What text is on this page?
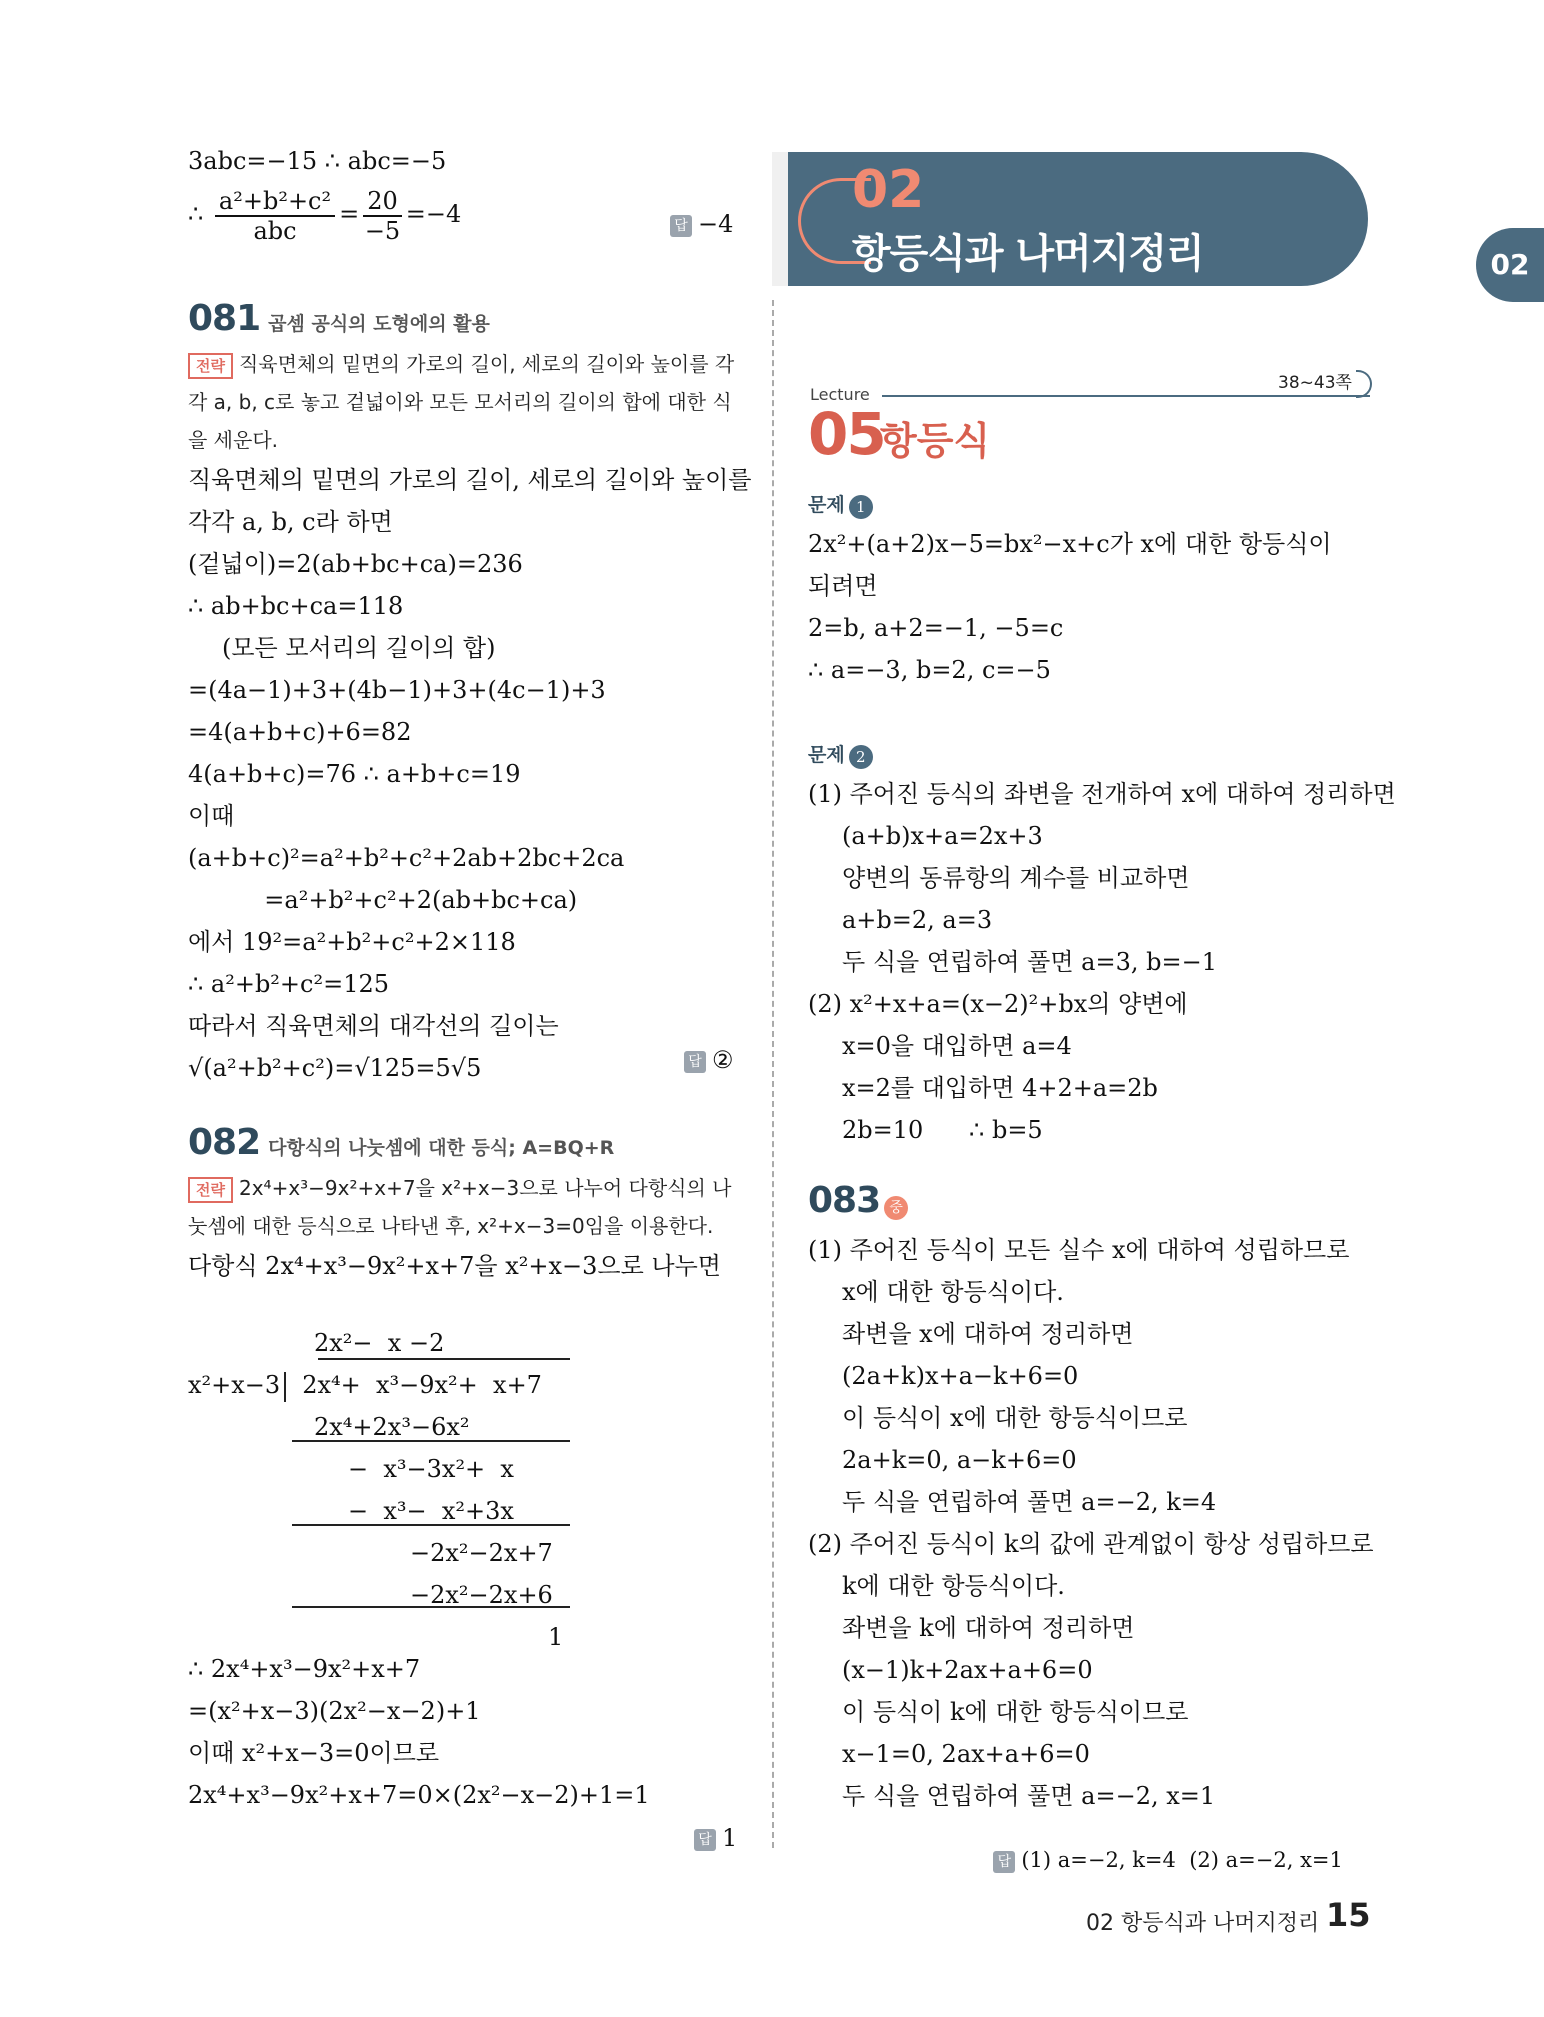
02
02
항등식과 나머지정리
38~43쪽
Lecture
05
항등식
3abc=−15 ∴ abc=−5
∴ $\frac{\text{a²+b²+c²}}{\text{abc}} = \frac{20}{-5} =-4$	답 −4
081 곱셈 공식의 도형에의 활용
전략 직육면체의 밑면의 가로의 길이, 세로의 길이와 높이를 각각 a, b, c로 놓고 겉넓이와 모든 모서리의 길이의 합에 대한 식을 세운다.
직육면체의 밑면의 가로의 길이, 세로의 길이와 높이를
각각 a, b, c라 하면
(겉넓이)=2(ab+bc+ca)=236
∴ ab+bc+ca=118
(모든 모서리의 길이의 합)
=(4a−1)+3+(4b−1)+3+(4c−1)+3
=4(a+b+c)+6=82
4(a+b+c)=76 ∴ a+b+c=19
이때
(a+b+c)²=a²+b²+c²+2ab+2bc+2ca
=a²+b²+c²+2(ab+bc+ca)
에서 19²=a²+b²+c²+2×118
∴ a²+b²+c²=125
따라서 직육면체의 대각선의 길이는
√(a²+b²+c²)=√125=5√5	답 ②
082 다항식의 나눗셈에 대한 등식; A=BQ+R
전략 2x⁴+x³−9x²+x+7을 x²+x−3으로 나누어 다항식의 나눗셈에 대한 등식으로 나타낸 후, x²+x−3=0임을 이용한다.
다항식 2x⁴+x³−9x²+x+7을 x²+x−3으로 나누면
2x²−  x −2
x²+x−3 2x⁴+  x³−9x²+  x+7
2x⁴+2x³−6x²
−  x³−3x²+  x
−  x³−  x²+3x
−2x²−2x+7
−2x²−2x+6
1
∴ 2x⁴+x³−9x²+x+7
=(x²+x−3)(2x²−x−2)+1
이때 x²+x−3=0이므로
2x⁴+x³−9x²+x+7=0×(2x²−x−2)+1=1
답 1
문제 1
2x²+(a+2)x−5=bx²−x+c가 x에 대한 항등식이
되려면
2=b, a+2=−1, −5=c
∴ a=−3, b=2, c=−5
문제 2
(1) 주어진 등식의 좌변을 전개하여 x에 대하여 정리하면
(a+b)x+a=2x+3
양변의 동류항의 계수를 비교하면
a+b=2, a=3
두 식을 연립하여 풀면 a=3, b=−1
(2) x²+x+a=(x−2)²+bx의 양변에
x=0을 대입하면 a=4
x=2를 대입하면 4+2+a=2b
2b=10      ∴ b=5
083 중
(1) 주어진 등식이 모든 실수 x에 대하여 성립하므로
x에 대한 항등식이다.
좌변을 x에 대하여 정리하면
(2a+k)x+a−k+6=0
이 등식이 x에 대한 항등식이므로
2a+k=0, a−k+6=0
두 식을 연립하여 풀면 a=−2, k=4
(2) 주어진 등식이 k의 값에 관계없이 항상 성립하므로
k에 대한 항등식이다.
좌변을 k에 대하여 정리하면
(x−1)k+2ax+a+6=0
이 등식이 k에 대한 항등식이므로
x−1=0, 2ax+a+6=0
두 식을 연립하여 풀면 a=−2, x=1

답 (1) a=−2, k=4  (2) a=−2, x=1

02 항등식과 나머지정리 15
